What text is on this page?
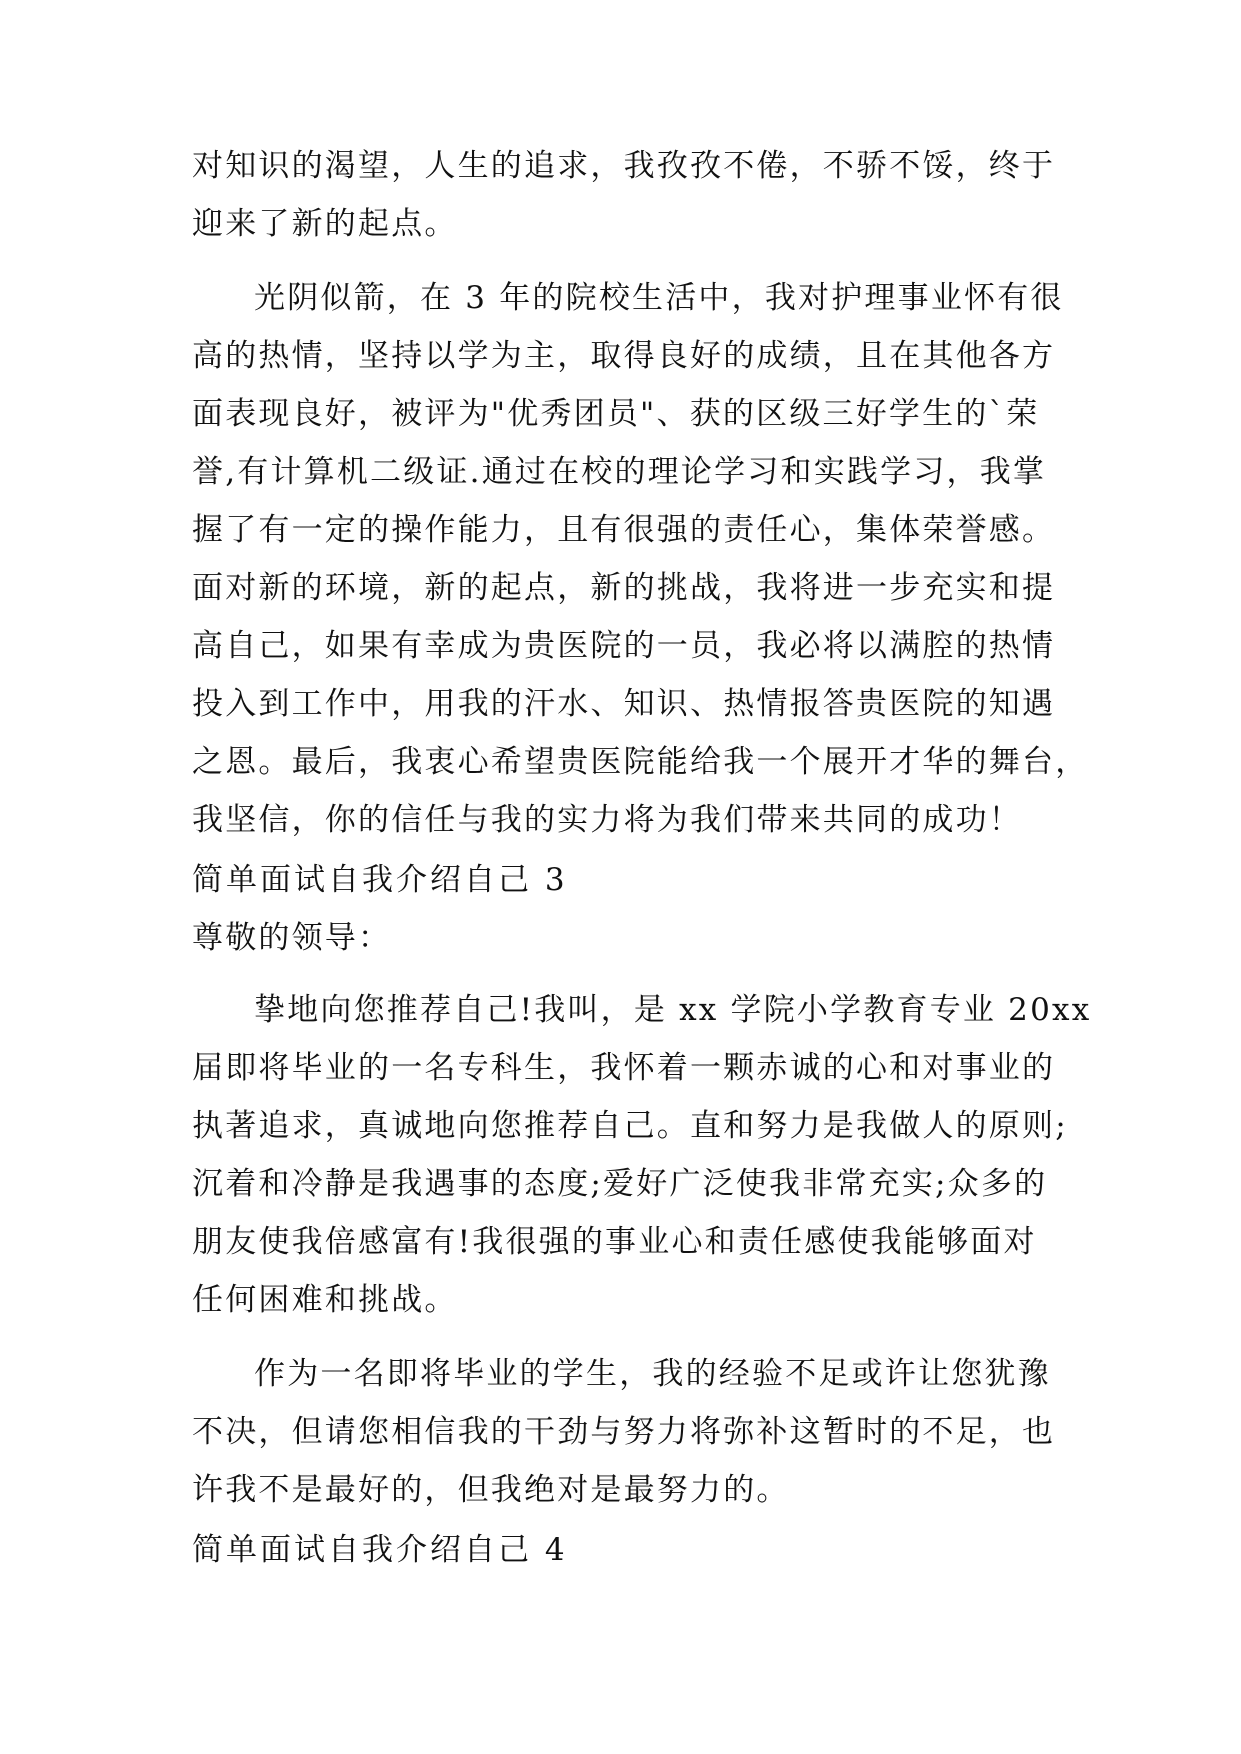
对知识的渴望，人生的追求，我孜孜不倦，不骄不馁，终于

迎来了新的起点。

光阴似箭，在 3 年的院校生活中，我对护理事业怀有很

高的热情，坚持以学为主，取得良好的成绩，且在其他各方

面表现良好，被评为"优秀团员"、获的区级三好学生的`荣

誉,有计算机二级证.通过在校的理论学习和实践学习，我掌

握了有一定的操作能力，且有很强的责任心，集体荣誉感。

面对新的环境，新的起点，新的挑战，我将进一步充实和提

高自己，如果有幸成为贵医院的一员，我必将以满腔的热情

投入到工作中，用我的汗水、知识、热情报答贵医院的知遇

之恩。最后，我衷心希望贵医院能给我一个展开才华的舞台，

我坚信，你的信任与我的实力将为我们带来共同的成功！

简单面试自我介绍自己 3

尊敬的领导：

挚地向您推荐自己!我叫，是 xx 学院小学教育专业 20xx

届即将毕业的一名专科生，我怀着一颗赤诚的心和对事业的

执著追求，真诚地向您推荐自己。直和努力是我做人的原则;

沉着和冷静是我遇事的态度;爱好广泛使我非常充实;众多的

朋友使我倍感富有!我很强的事业心和责任感使我能够面对

任何困难和挑战。

作为一名即将毕业的学生，我的经验不足或许让您犹豫

不决，但请您相信我的干劲与努力将弥补这暂时的不足，也

许我不是最好的，但我绝对是最努力的。

简单面试自我介绍自己 4
